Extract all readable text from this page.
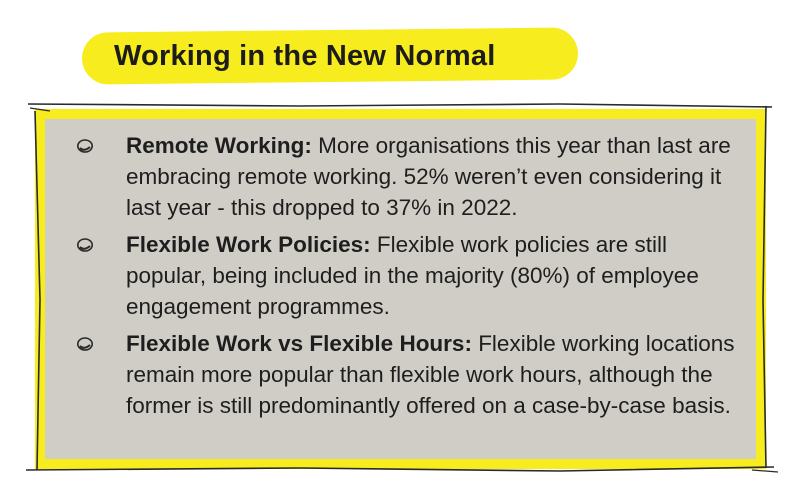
Working in the New Normal
Remote Working: More organisations this year than last are embracing remote working. 52% weren’t even considering it last year - this dropped to 37% in 2022.
Flexible Work Policies: Flexible work policies are still popular, being included in the majority (80%) of employee engagement programmes.
Flexible Work vs Flexible Hours: Flexible working locations remain more popular than flexible work hours, although the former is still predominantly offered on a case-by-case basis.
